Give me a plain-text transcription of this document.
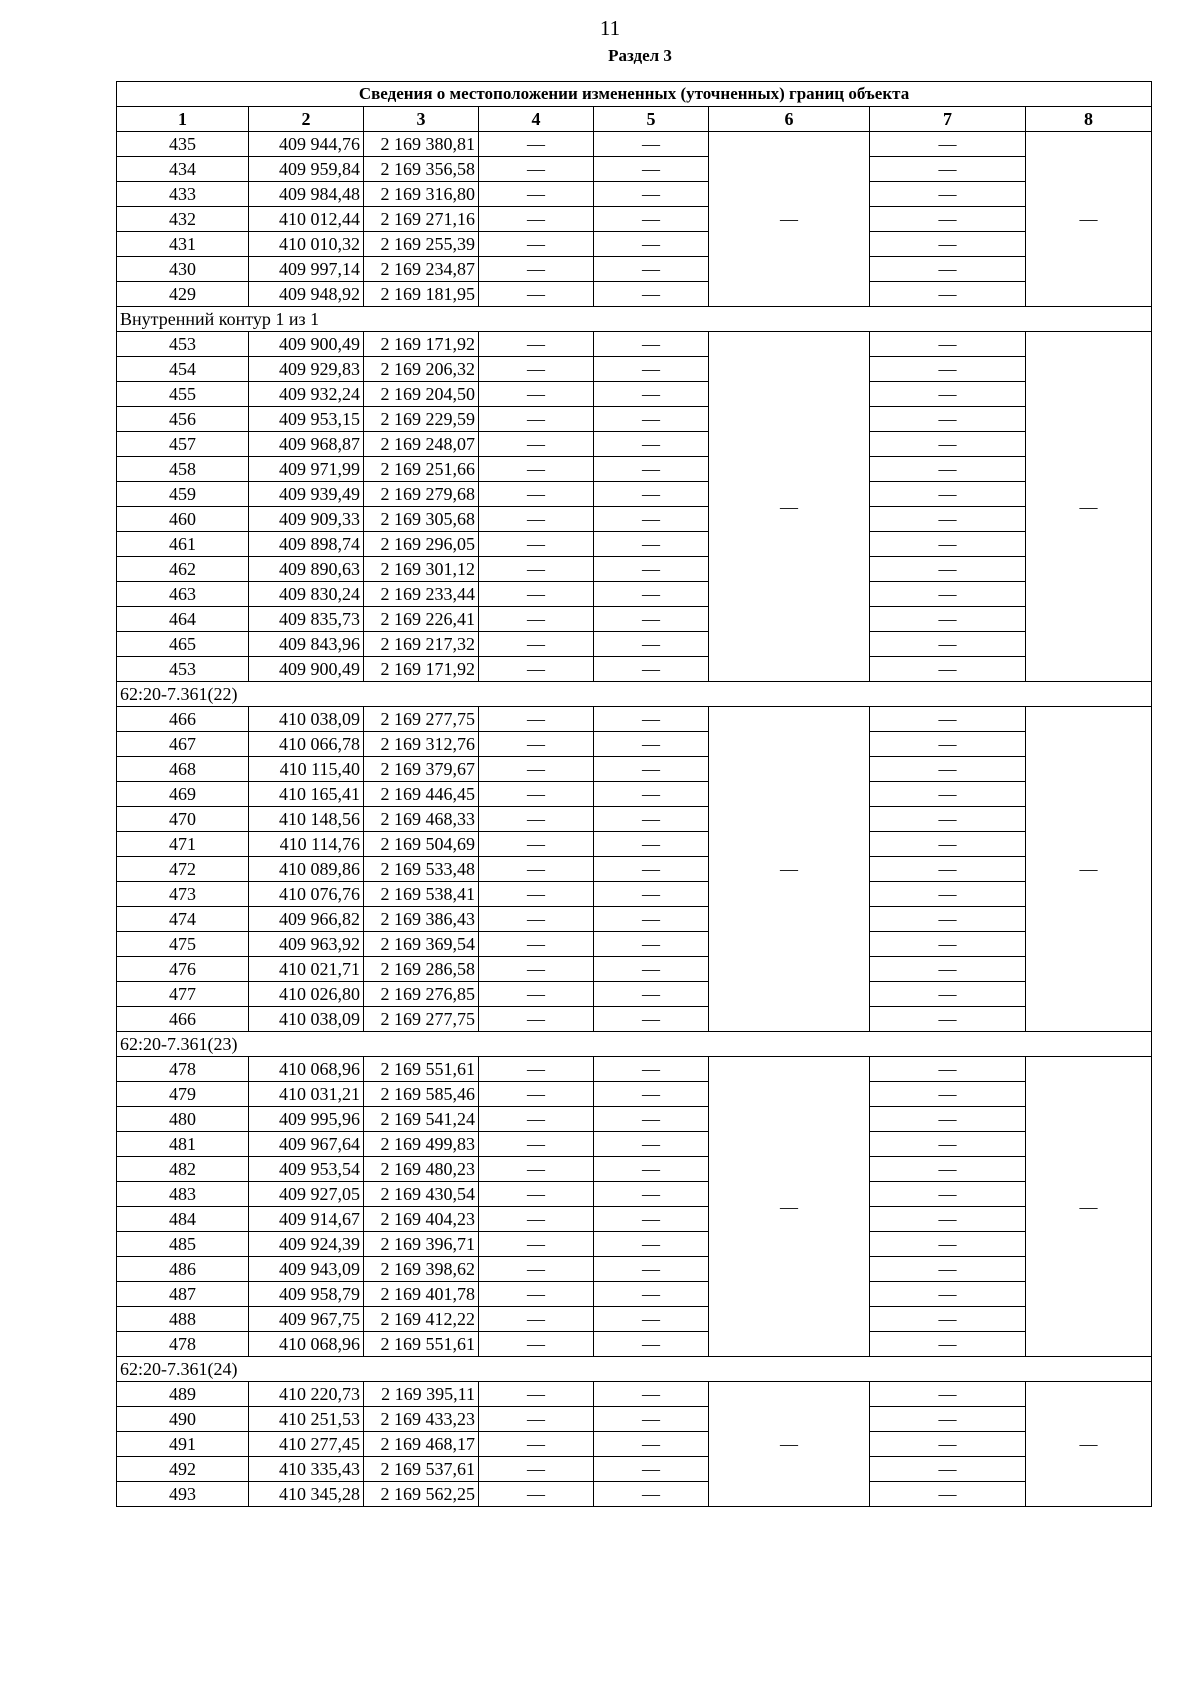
11
Раздел 3
Сведения о местоположении измененных (уточненных) границ объекта							
1	2	3	4	5	6	7	8
435	409 944,76	2 169 380,81	—	—	—	—	—
434	409 959,84	2 169 356,58	—	—		—	
433	409 984,48	2 169 316,80	—	—		—	
432	410 012,44	2 169 271,16	—	—		—	
431	410 010,32	2 169 255,39	—	—		—	
430	409 997,14	2 169 234,87	—	—		—	
429	409 948,92	2 169 181,95	—	—		—	
Внутренний контур 1 из 1							
453	409 900,49	2 169 171,92	—	—	—	—	—
454	409 929,83	2 169 206,32	—	—		—	
455	409 932,24	2 169 204,50	—	—		—	
456	409 953,15	2 169 229,59	—	—		—	
457	409 968,87	2 169 248,07	—	—		—	
458	409 971,99	2 169 251,66	—	—		—	
459	409 939,49	2 169 279,68	—	—		—	
460	409 909,33	2 169 305,68	—	—		—	
461	409 898,74	2 169 296,05	—	—		—	
462	409 890,63	2 169 301,12	—	—		—	
463	409 830,24	2 169 233,44	—	—		—	
464	409 835,73	2 169 226,41	—	—		—	
465	409 843,96	2 169 217,32	—	—		—	
453	409 900,49	2 169 171,92	—	—		—	
62:20-7.361(22)							
466	410 038,09	2 169 277,75	—	—	—	—	—
467	410 066,78	2 169 312,76	—	—		—	
468	410 115,40	2 169 379,67	—	—		—	
469	410 165,41	2 169 446,45	—	—		—	
470	410 148,56	2 169 468,33	—	—		—	
471	410 114,76	2 169 504,69	—	—		—	
472	410 089,86	2 169 533,48	—	—		—	
473	410 076,76	2 169 538,41	—	—		—	
474	409 966,82	2 169 386,43	—	—		—	
475	409 963,92	2 169 369,54	—	—		—	
476	410 021,71	2 169 286,58	—	—		—	
477	410 026,80	2 169 276,85	—	—		—	
466	410 038,09	2 169 277,75	—	—		—	
62:20-7.361(23)							
478	410 068,96	2 169 551,61	—	—	—	—	—
479	410 031,21	2 169 585,46	—	—		—	
480	409 995,96	2 169 541,24	—	—		—	
481	409 967,64	2 169 499,83	—	—		—	
482	409 953,54	2 169 480,23	—	—		—	
483	409 927,05	2 169 430,54	—	—		—	
484	409 914,67	2 169 404,23	—	—		—	
485	409 924,39	2 169 396,71	—	—		—	
486	409 943,09	2 169 398,62	—	—		—	
487	409 958,79	2 169 401,78	—	—		—	
488	409 967,75	2 169 412,22	—	—		—	
478	410 068,96	2 169 551,61	—	—		—	
62:20-7.361(24)							
489	410 220,73	2 169 395,11	—	—	—	—	—
490	410 251,53	2 169 433,23	—	—		—	
491	410 277,45	2 169 468,17	—	—		—	
492	410 335,43	2 169 537,61	—	—		—	
493	410 345,28	2 169 562,25	—	—		—	
